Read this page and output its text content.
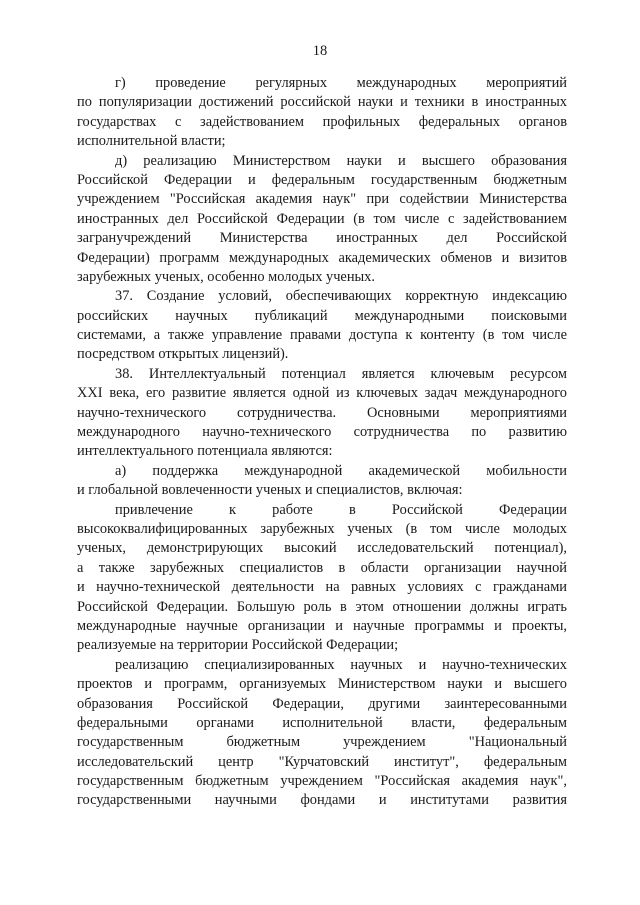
18
г) проведение регулярных международных мероприятий
по популяризации достижений российской науки и техники в иностранных
государствах с задействованием профильных федеральных органов
исполнительной власти;
д) реализацию Министерством науки и высшего образования
Российской Федерации и федеральным государственным бюджетным
учреждением "Российская академия наук" при содействии Министерства
иностранных дел Российской Федерации (в том числе с задействованием
загранучреждений Министерства иностранных дел Российской
Федерации) программ международных академических обменов и визитов
зарубежных ученых, особенно молодых ученых.
37. Создание условий, обеспечивающих корректную индексацию
российских научных публикаций международными поисковыми
системами, а также управление правами доступа к контенту (в том числе
посредством открытых лицензий).
38. Интеллектуальный потенциал является ключевым ресурсом
XXI века, его развитие является одной из ключевых задач международного
научно-технического сотрудничества. Основными мероприятиями
международного научно-технического сотрудничества по развитию
интеллектуального потенциала являются:
а) поддержка международной академической мобильности
и глобальной вовлеченности ученых и специалистов, включая:
привлечение к работе в Российской Федерации
высококвалифицированных зарубежных ученых (в том числе молодых
ученых, демонстрирующих высокий исследовательский потенциал),
а также зарубежных специалистов в области организации научной
и научно-технической деятельности на равных условиях с гражданами
Российской Федерации. Большую роль в этом отношении должны играть
международные научные организации и научные программы и проекты,
реализуемые на территории Российской Федерации;
реализацию специализированных научных и научно-технических
проектов и программ, организуемых Министерством науки и высшего
образования Российской Федерации, другими заинтересованными
федеральными органами исполнительной власти, федеральным
государственным бюджетным учреждением "Национальный
исследовательский центр "Курчатовский институт", федеральным
государственным бюджетным учреждением "Российская академия наук",
государственными научными фондами и институтами развития
